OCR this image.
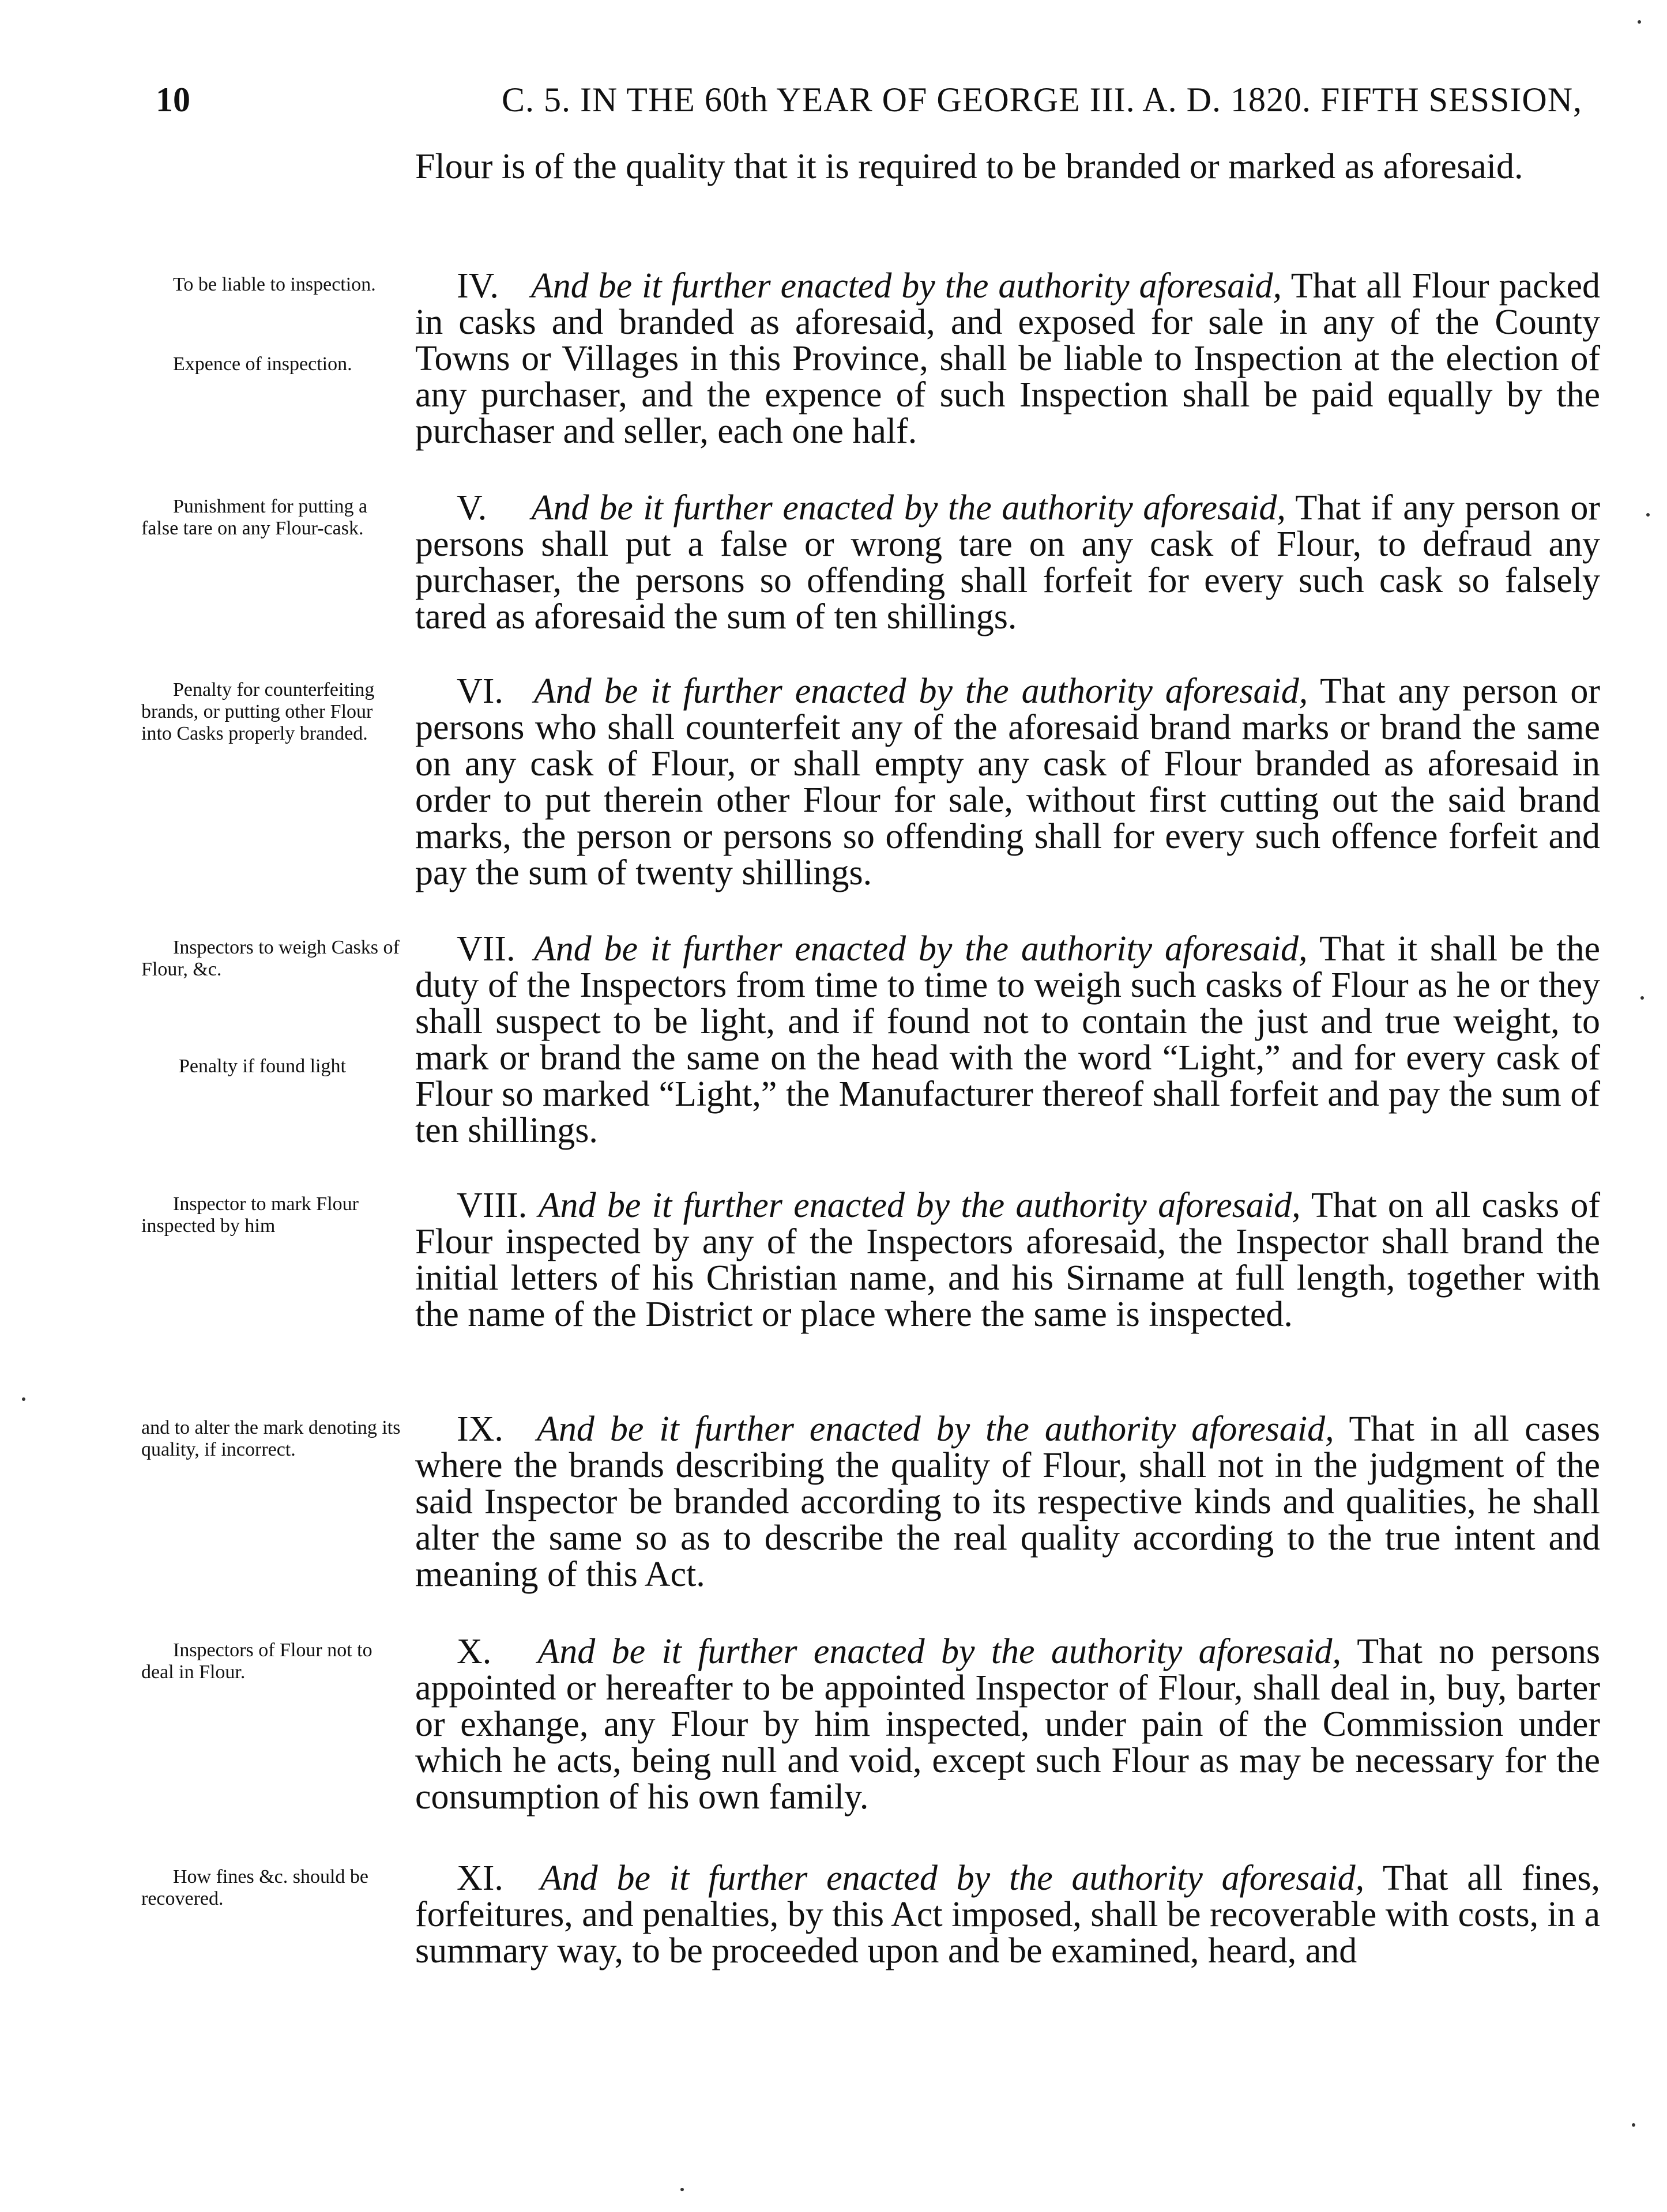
10	C. 5. IN THE 60th YEAR OF GEORGE III. A. D. 1820. FIFTH SESSION,

Flour is of the quality that it is required to be branded or marked as aforesaid.

To be liable to inspection.
Expence of inspection.

IV. And be it further enacted by the authority aforesaid, That all Flour packed in casks and branded as aforesaid, and exposed for sale in any of the County Towns or Villages in this Province, shall be liable to Inspection at the election of any purchaser, and the expence of such Inspection shall be paid equally by the purchaser and seller, each one half.

Punishment for putting a false tare on any Flour-cask.

V. And be it further enacted by the authority aforesaid, That if any person or persons shall put a false or wrong tare on any cask of Flour, to defraud any purchaser, the persons so offending shall forfeit for every such cask so falsely tared as aforesaid the sum of ten shillings.

Penalty for counterfeiting brands, or putting other Flour into Casks properly branded.

VI. And be it further enacted by the authority aforesaid, That any person or persons who shall counterfeit any of the aforesaid brand marks or brand the same on any cask of Flour, or shall empty any cask of Flour branded as aforesaid in order to put therein other Flour for sale, without first cutting out the said brand marks, the person or persons so offending shall for every such offence forfeit and pay the sum of twenty shillings.

Inspectors to weigh Casks of Flour, &c.
Penalty if found light

VII. And be it further enacted by the authority aforesaid, That it shall be the duty of the Inspectors from time to time to weigh such casks of Flour as he or they shall suspect to be light, and if found not to contain the just and true weight, to mark or brand the same on the head with the word “Light,” and for every cask of Flour so marked “Light,” the Manufacturer thereof shall forfeit and pay the sum of ten shillings.

Inspector to mark Flour inspected by him

VIII. And be it further enacted by the authority aforesaid, That on all casks of Flour inspected by any of the Inspectors aforesaid, the Inspector shall brand the initial letters of his Christian name, and his Sirname at full length, together with the name of the District or place where the same is inspected.

and to alter the mark denoting its quality, if incorrect.

IX. And be it further enacted by the authority aforesaid, That in all cases where the brands describing the quality of Flour, shall not in the judgment of the said Inspector be branded according to its respective kinds and qualities, he shall alter the same so as to describe the real quality according to the true intent and meaning of this Act.

Inspectors of Flour not to deal in Flour.

X. And be it further enacted by the authority aforesaid, That no persons appointed or hereafter to be appointed Inspector of Flour, shall deal in, buy, barter or exhange, any Flour by him inspected, under pain of the Commission under which he acts, being null and void, except such Flour as may be necessary for the consumption of his own family.

How fines &c. should be recovered.

XI. And be it further enacted by the authority aforesaid, That all fines, forfeitures, and penalties, by this Act imposed, shall be recoverable with costs, in a summary way, to be proceeded upon and be examined, heard, and
